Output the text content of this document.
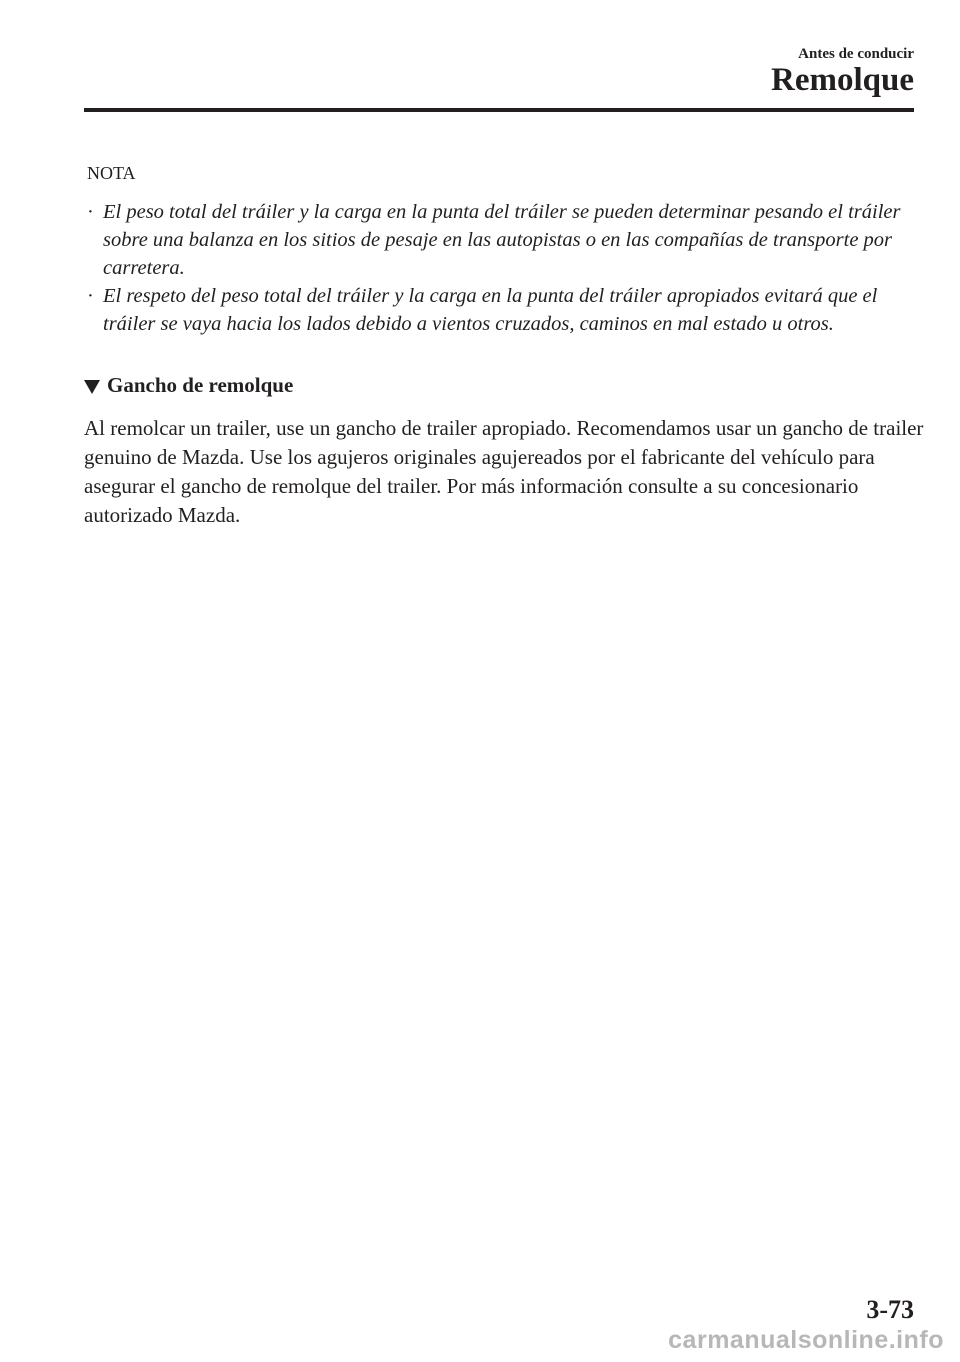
Antes de conducir
Remolque
NOTA
· El peso total del tráiler y la carga en la punta del tráiler se pueden determinar pesando el tráiler sobre una balanza en los sitios de pesaje en las autopistas o en las compañías de transporte por carretera.
· El respeto del peso total del tráiler y la carga en la punta del tráiler apropiados evitará que el tráiler se vaya hacia los lados debido a vientos cruzados, caminos en mal estado u otros.
Gancho de remolque

Al remolcar un trailer, use un gancho de trailer apropiado. Recomendamos usar un gancho de trailer genuino de Mazda. Use los agujeros originales agujereados por el fabricante del vehículo para asegurar el gancho de remolque del trailer. Por más información consulte a su concesionario autorizado Mazda.

3-73
carmanualsonline.info
